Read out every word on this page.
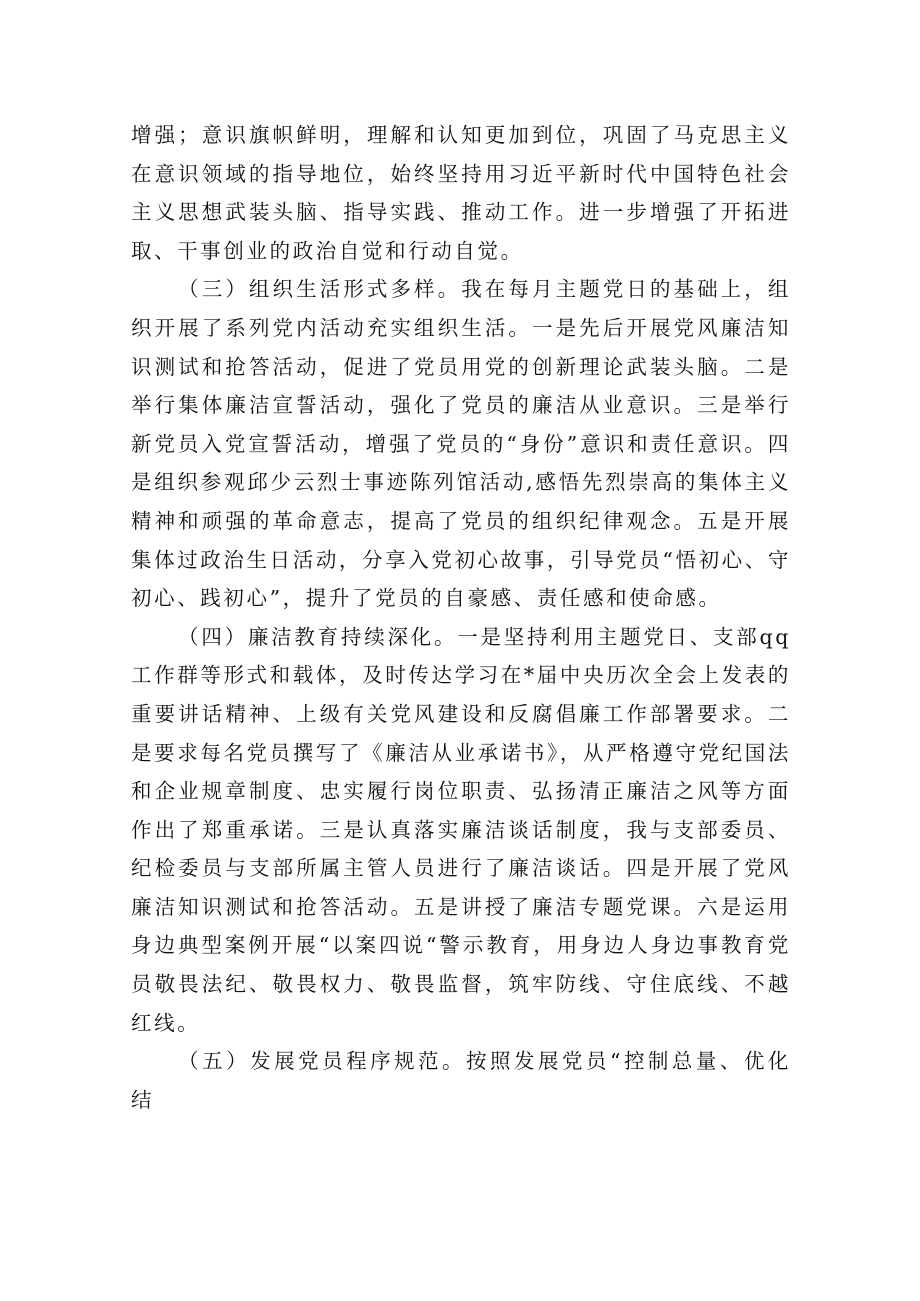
增强；意识旗帜鲜明，理解和认知更加到位，巩固了马克思主义在意识领域的指导地位，始终坚持用习近平新时代中国特色社会主义思想武装头脑、指导实践、推动工作。进一步增强了开拓进取、干事创业的政治自觉和行动自觉。

（三）组织生活形式多样。我在每月主题党日的基础上，组织开展了系列党内活动充实组织生活。一是先后开展党风廉洁知识测试和抢答活动，促进了党员用党的创新理论武装头脑。二是举行集体廉洁宣誓活动，强化了党员的廉洁从业意识。三是举行新党员入党宣誓活动，增强了党员的“身份”意识和责任意识。四是组织参观邱少云烈士事迹陈列馆活动,感悟先烈崇高的集体主义精神和顽强的革命意志，提高了党员的组织纪律观念。五是开展集体过政治生日活动，分享入党初心故事，引导党员“悟初心、守初心、践初心”，提升了党员的自豪感、责任感和使命感。

（四）廉洁教育持续深化。一是坚持利用主题党日、支部qq工作群等形式和载体，及时传达学习在*届中央历次全会上发表的重要讲话精神、上级有关党风建设和反腐倡廉工作部署要求。二是要求每名党员撰写了《廉洁从业承诺书》，从严格遵守党纪国法和企业规章制度、忠实履行岗位职责、弘扬清正廉洁之风等方面作出了郑重承诺。三是认真落实廉洁谈话制度，我与支部委员、纪检委员与支部所属主管人员进行了廉洁谈话。四是开展了党风廉洁知识测试和抢答活动。五是讲授了廉洁专题党课。六是运用身边典型案例开展“以案四说“警示教育，用身边人身边事教育党员敬畏法纪、敬畏权力、敬畏监督，筑牢防线、守住底线、不越红线。

（五）发展党员程序规范。按照发展党员“控制总量、优化结
